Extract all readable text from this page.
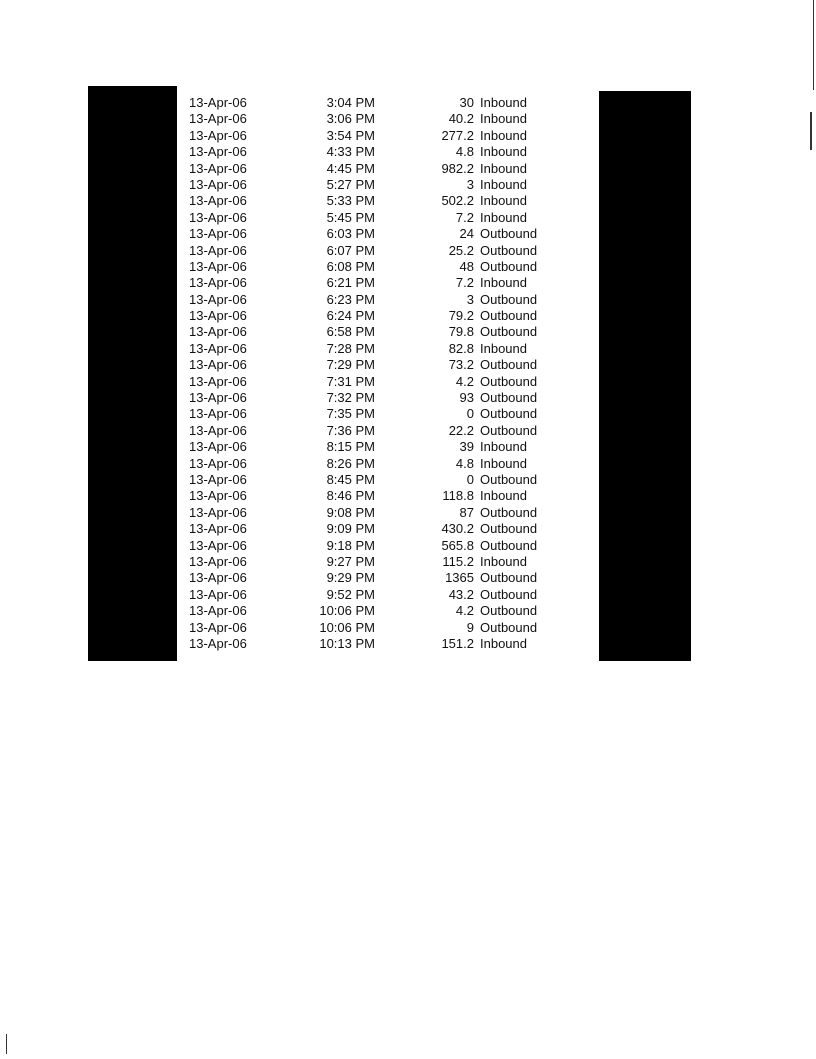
13-Apr-06	3:04 PM	30 Inbound
13-Apr-06	3:06 PM	40.2 Inbound
13-Apr-06	3:54 PM	277.2 Inbound
13-Apr-06	4:33 PM	4.8 Inbound
13-Apr-06	4:45 PM	982.2 Inbound
13-Apr-06	5:27 PM	3 Inbound
13-Apr-06	5:33 PM	502.2 Inbound
13-Apr-06	5:45 PM	7.2 Inbound
13-Apr-06	6:03 PM	24 Outbound
13-Apr-06	6:07 PM	25.2 Outbound
13-Apr-06	6:08 PM	48 Outbound
13-Apr-06	6:21 PM	7.2 Inbound
13-Apr-06	6:23 PM	3 Outbound
13-Apr-06	6:24 PM	79.2 Outbound
13-Apr-06	6:58 PM	79.8 Outbound
13-Apr-06	7:28 PM	82.8 Inbound
13-Apr-06	7:29 PM	73.2 Outbound
13-Apr-06	7:31 PM	4.2 Outbound
13-Apr-06	7:32 PM	93 Outbound
13-Apr-06	7:35 PM	0 Outbound
13-Apr-06	7:36 PM	22.2 Outbound
13-Apr-06	8:15 PM	39 Inbound
13-Apr-06	8:26 PM	4.8 Inbound
13-Apr-06	8:45 PM	0 Outbound
13-Apr-06	8:46 PM	118.8 Inbound
13-Apr-06	9:08 PM	87 Outbound
13-Apr-06	9:09 PM	430.2 Outbound
13-Apr-06	9:18 PM	565.8 Outbound
13-Apr-06	9:27 PM	115.2 Inbound
13-Apr-06	9:29 PM	1365 Outbound
13-Apr-06	9:52 PM	43.2 Outbound
13-Apr-06	10:06 PM	4.2 Outbound
13-Apr-06	10:06 PM	9 Outbound
13-Apr-06	10:13 PM	151.2 Inbound
